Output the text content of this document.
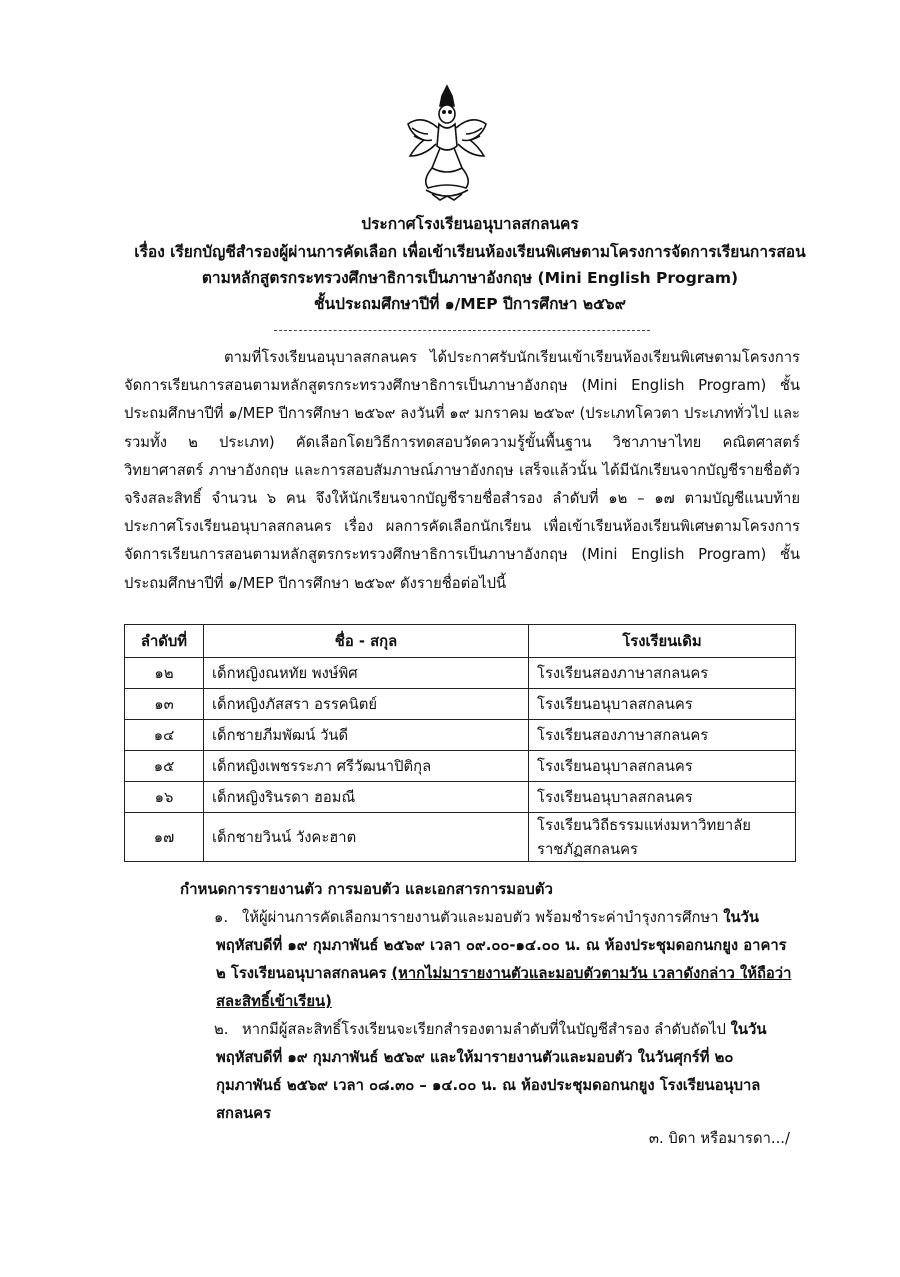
ประกาศโรงเรียนอนุบาลสกลนคร
เรื่อง เรียกบัญชีสำรองผู้ผ่านการคัดเลือก เพื่อเข้าเรียนห้องเรียนพิเศษตามโครงการจัดการเรียนการสอน
ตามหลักสูตรกระทรวงศึกษาธิการเป็นภาษาอังกฤษ (Mini English Program)
ชั้นประถมศึกษาปีที่ ๑/MEP ปีการศึกษา ๒๕๖๙
ตามที่โรงเรียนอนุบาลสกลนคร ได้ประกาศรับนักเรียนเข้าเรียนห้องเรียนพิเศษตามโครงการจัดการเรียนการสอนตามหลักสูตรกระทรวงศึกษาธิการเป็นภาษาอังกฤษ (Mini English Program) ชั้นประถมศึกษาปีที่ ๑/MEP ปีการศึกษา ๒๕๖๙ ลงวันที่ ๑๙ มกราคม ๒๕๖๙ (ประเภทโควตา ประเภททั่วไป และรวมทั้ง ๒ ประเภท) คัดเลือกโดยวิธีการทดสอบวัดความรู้ขั้นพื้นฐาน วิชาภาษาไทย คณิตศาสตร์ วิทยาศาสตร์ ภาษาอังกฤษ และการสอบสัมภาษณ์ภาษาอังกฤษ เสร็จแล้วนั้น ได้มีนักเรียนจากบัญชีรายชื่อตัวจริงสละสิทธิ์ จำนวน ๖ คน จึงให้นักเรียนจากบัญชีรายชื่อสำรอง ลำดับที่ ๑๒ – ๑๗ ตามบัญชีแนบท้ายประกาศโรงเรียนอนุบาลสกลนคร เรื่อง ผลการคัดเลือกนักเรียน เพื่อเข้าเรียนห้องเรียนพิเศษตามโครงการจัดการเรียนการสอนตามหลักสูตรกระทรวงศึกษาธิการเป็นภาษาอังกฤษ (Mini English Program) ชั้นประถมศึกษาปีที่ ๑/MEP ปีการศึกษา ๒๕๖๙ ดังรายชื่อต่อไปนี้
ลำดับที่	ชื่อ - สกุล	โรงเรียนเดิม
๑๒	เด็กหญิงณหทัย พงษ์พิศ	โรงเรียนสองภาษาสกลนคร
๑๓	เด็กหญิงภัสสรา อรรคนิตย์	โรงเรียนอนุบาลสกลนคร
๑๔	เด็กชายภีมพัฒน์ วันดี	โรงเรียนสองภาษาสกลนคร
๑๕	เด็กหญิงเพชรระภา ศรีวัฒนาปิติกุล	โรงเรียนอนุบาลสกลนคร
๑๖	เด็กหญิงรินรดา ฮอมณี	โรงเรียนอนุบาลสกลนคร
๑๗	เด็กชายวินน์ วังคะฮาต	โรงเรียนวิถีธรรมแห่งมหาวิทยาลัยราชภัฏสกลนคร
กำหนดการรายงานตัว การมอบตัว และเอกสารการมอบตัว
๑. ให้ผู้ผ่านการคัดเลือกมารายงานตัวและมอบตัว พร้อมชำระค่าบำรุงการศึกษา ในวันพฤหัสบดีที่ ๑๙ กุมภาพันธ์ ๒๕๖๙ เวลา ๐๙.๐๐-๑๔.๐๐ น. ณ ห้องประชุมดอกนกยูง อาคาร ๒ โรงเรียนอนุบาลสกลนคร (หากไม่มารายงานตัวและมอบตัวตามวัน เวลาดังกล่าว ให้ถือว่าสละสิทธิ์เข้าเรียน)
๒. หากมีผู้สละสิทธิ์โรงเรียนจะเรียกสำรองตามลำดับที่ในบัญชีสำรอง ลำดับถัดไป ในวันพฤหัสบดีที่ ๑๙ กุมภาพันธ์ ๒๕๖๙ และให้มารายงานตัวและมอบตัว ในวันศุกร์ที่ ๒๐ กุมภาพันธ์ ๒๕๖๙ เวลา ๐๘.๓๐ – ๑๔.๐๐ น. ณ ห้องประชุมดอกนกยูง โรงเรียนอนุบาลสกลนคร
๓. บิดา หรือมารดา.../
